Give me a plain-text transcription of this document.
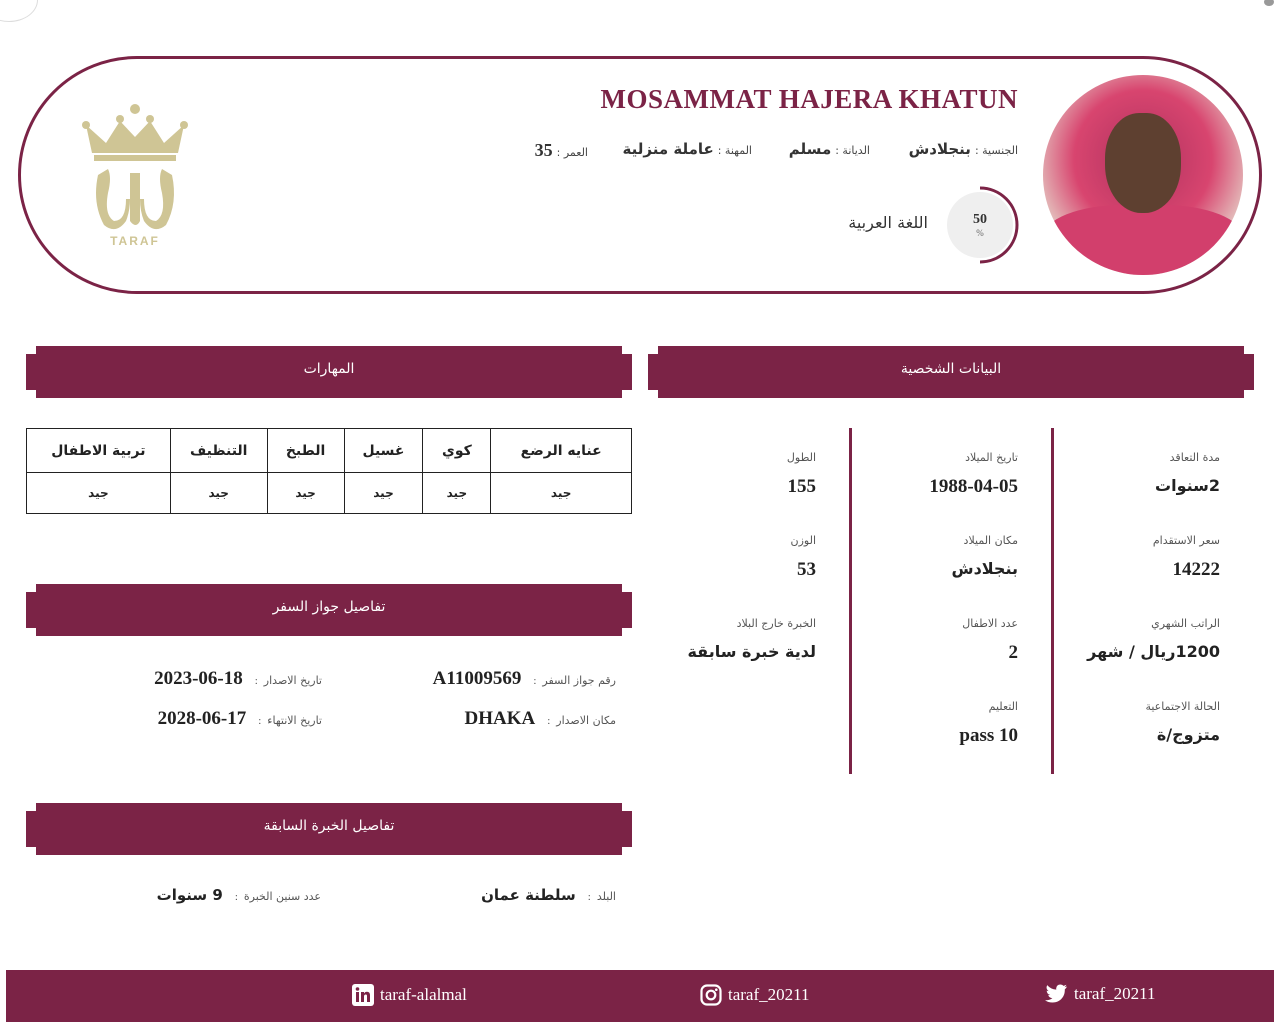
MOSAMMAT HAJERA KHATUN
الجنسية :
بنجلادش
الديانة :
مسلم
المهنة :
عاملة منزلية
العمر :
35
50
%
اللغة العربية
TARAF
المهارات
عنايه الرضع	كوي	غسيل	الطبخ	التنظيف	تربية الاطفال
جيد	جيد	جيد	جيد	جيد	جيد
تفاصيل جواز السفر
رقم جواز السفر
:
A11009569
تاريخ الاصدار
:
2023-06-18
مكان الاصدار
:
DHAKA
تاريخ الانتهاء
:
2028-06-17
تفاصيل الخبرة السابقة
البلد
:
سلطنة عمان
عدد سنين الخبرة
:
9 سنوات
البيانات الشخصية
مدة التعاقد
2سنوات
سعر الاستقدام
14222
الراتب الشهري
1200ريال / شهر
الحالة الاجتماعية
متزوج/ة
تاريخ الميلاد
1988-04-05
مكان الميلاد
بنجلادش
عدد الاطفال
2
التعليم
pass 10
الطول
155
الوزن
53
الخبرة خارج البلاد
لدية خبرة سابقة
taraf-alalmal	taraf_20211	taraf_20211
